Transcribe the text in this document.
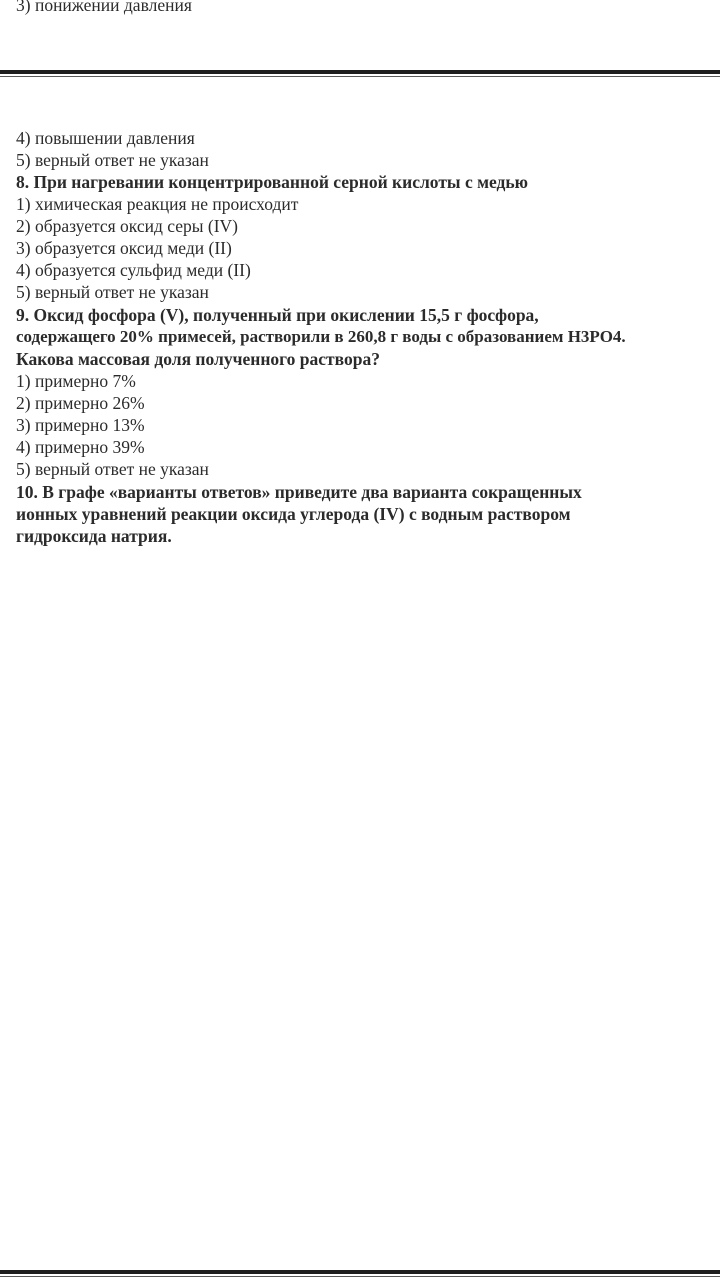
3) понижении давления
4) повышении давления
5) верный ответ не указан
8. При нагревании концентрированной серной кислоты с медью
1) химическая реакция не происходит
2) образуется оксид серы (IV)
3) образуется оксид меди (II)
4) образуется сульфид меди (II)
5) верный ответ не указан
9. Оксид фосфора (V), полученный при окислении 15,5 г фосфора,
содержащего 20% примесей, растворили в 260,8 г воды с образованием Н3РО4.
Какова массовая доля полученного раствора?
1) примерно 7%
2) примерно 26%
3) примерно 13%
4) примерно 39%
5) верный ответ не указан
10. В графе «варианты ответов» приведите два варианта сокращенных
ионных уравнений реакции оксида углерода (IV) с водным раствором
гидроксида натрия.
